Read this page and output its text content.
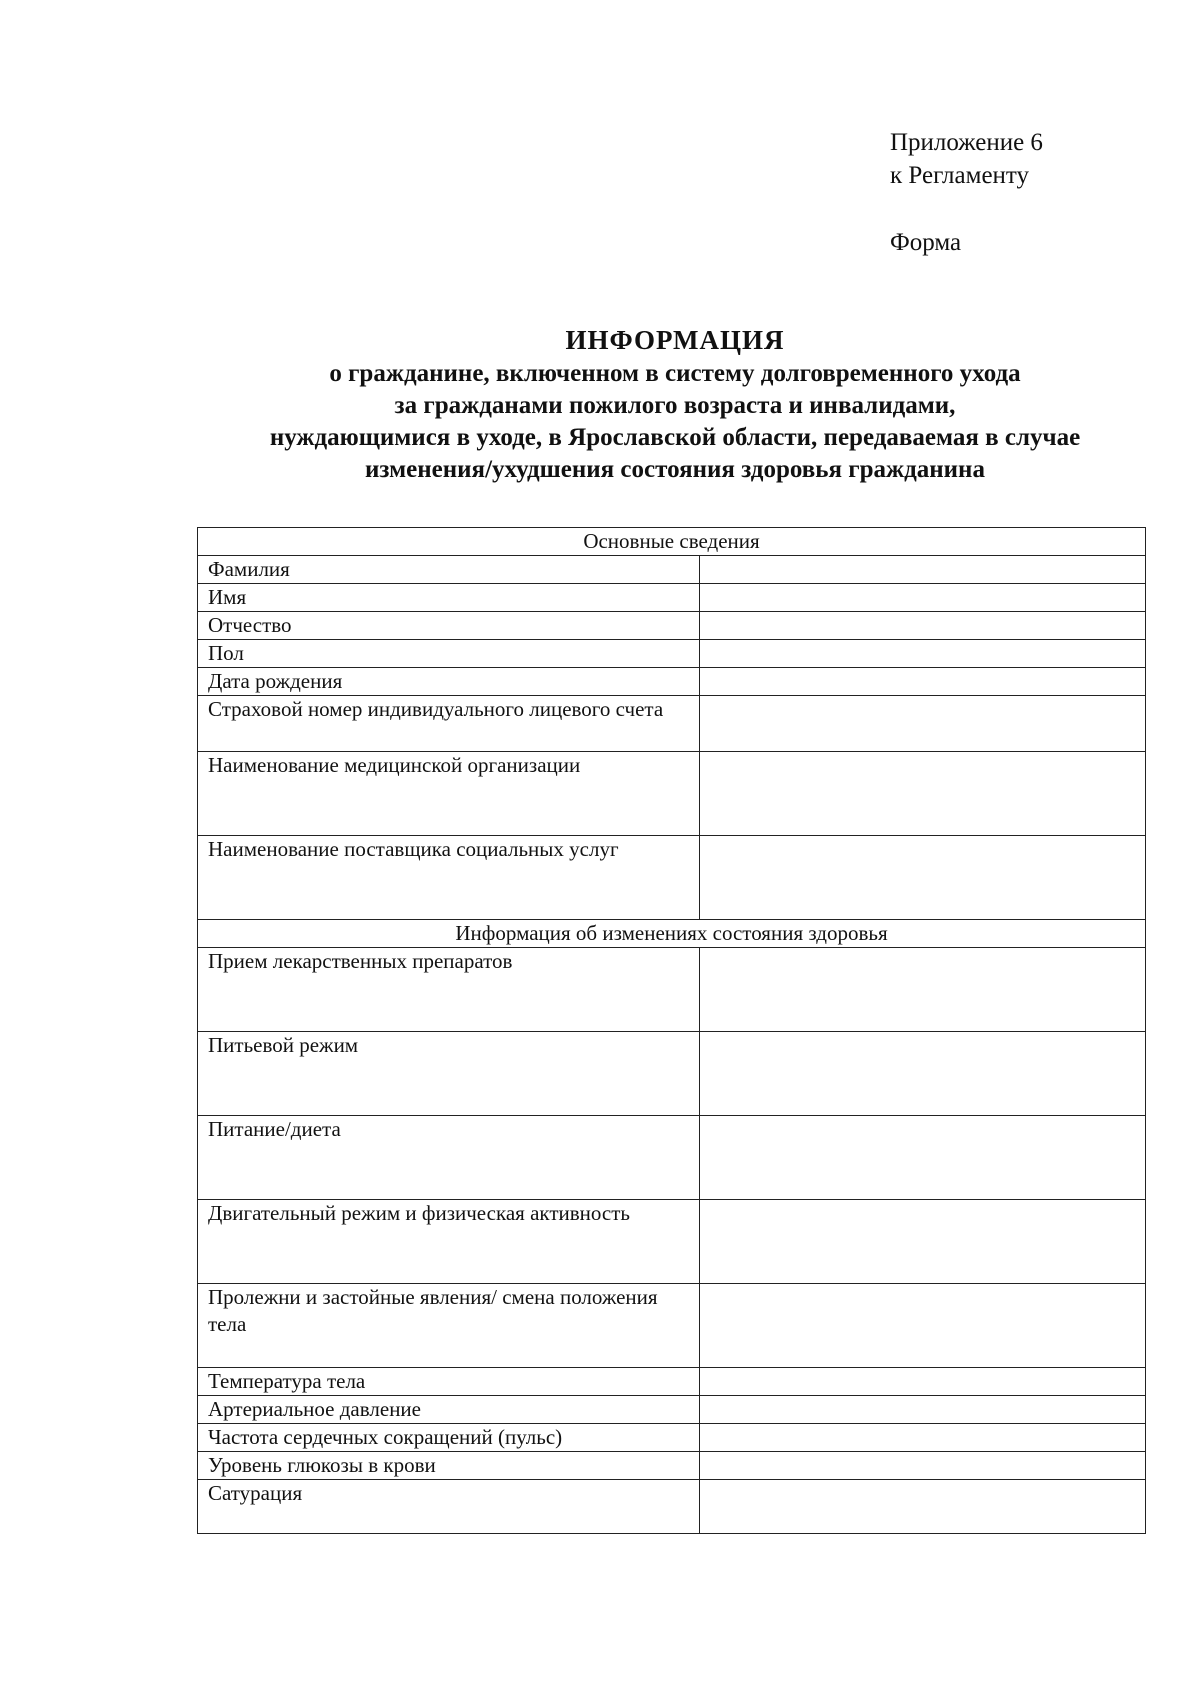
Приложение 6
к Регламенту
Форма
ИНФОРМАЦИЯ
о гражданине, включенном в систему долговременного ухода
за гражданами пожилого возраста и инвалидами,
нуждающимися в уходе, в Ярославской области, передаваемая в случае
изменения/ухудшения состояния здоровья гражданина
Основные сведения	
Фамилия	
Имя	
Отчество	
Пол	
Дата рождения	
Страховой номер индивидуального лицевого счета	
Наименование медицинской организации	
Наименование поставщика социальных услуг	
Информация об изменениях состояния здоровья	
Прием лекарственных препаратов	
Питьевой режим	
Питание/диета	
Двигательный режим и физическая активность	
Пролежни и застойные явления/ смена положения тела	
Температура тела	
Артериальное давление	
Частота сердечных сокращений (пульс)	
Уровень глюкозы в крови	
Сатурация	
